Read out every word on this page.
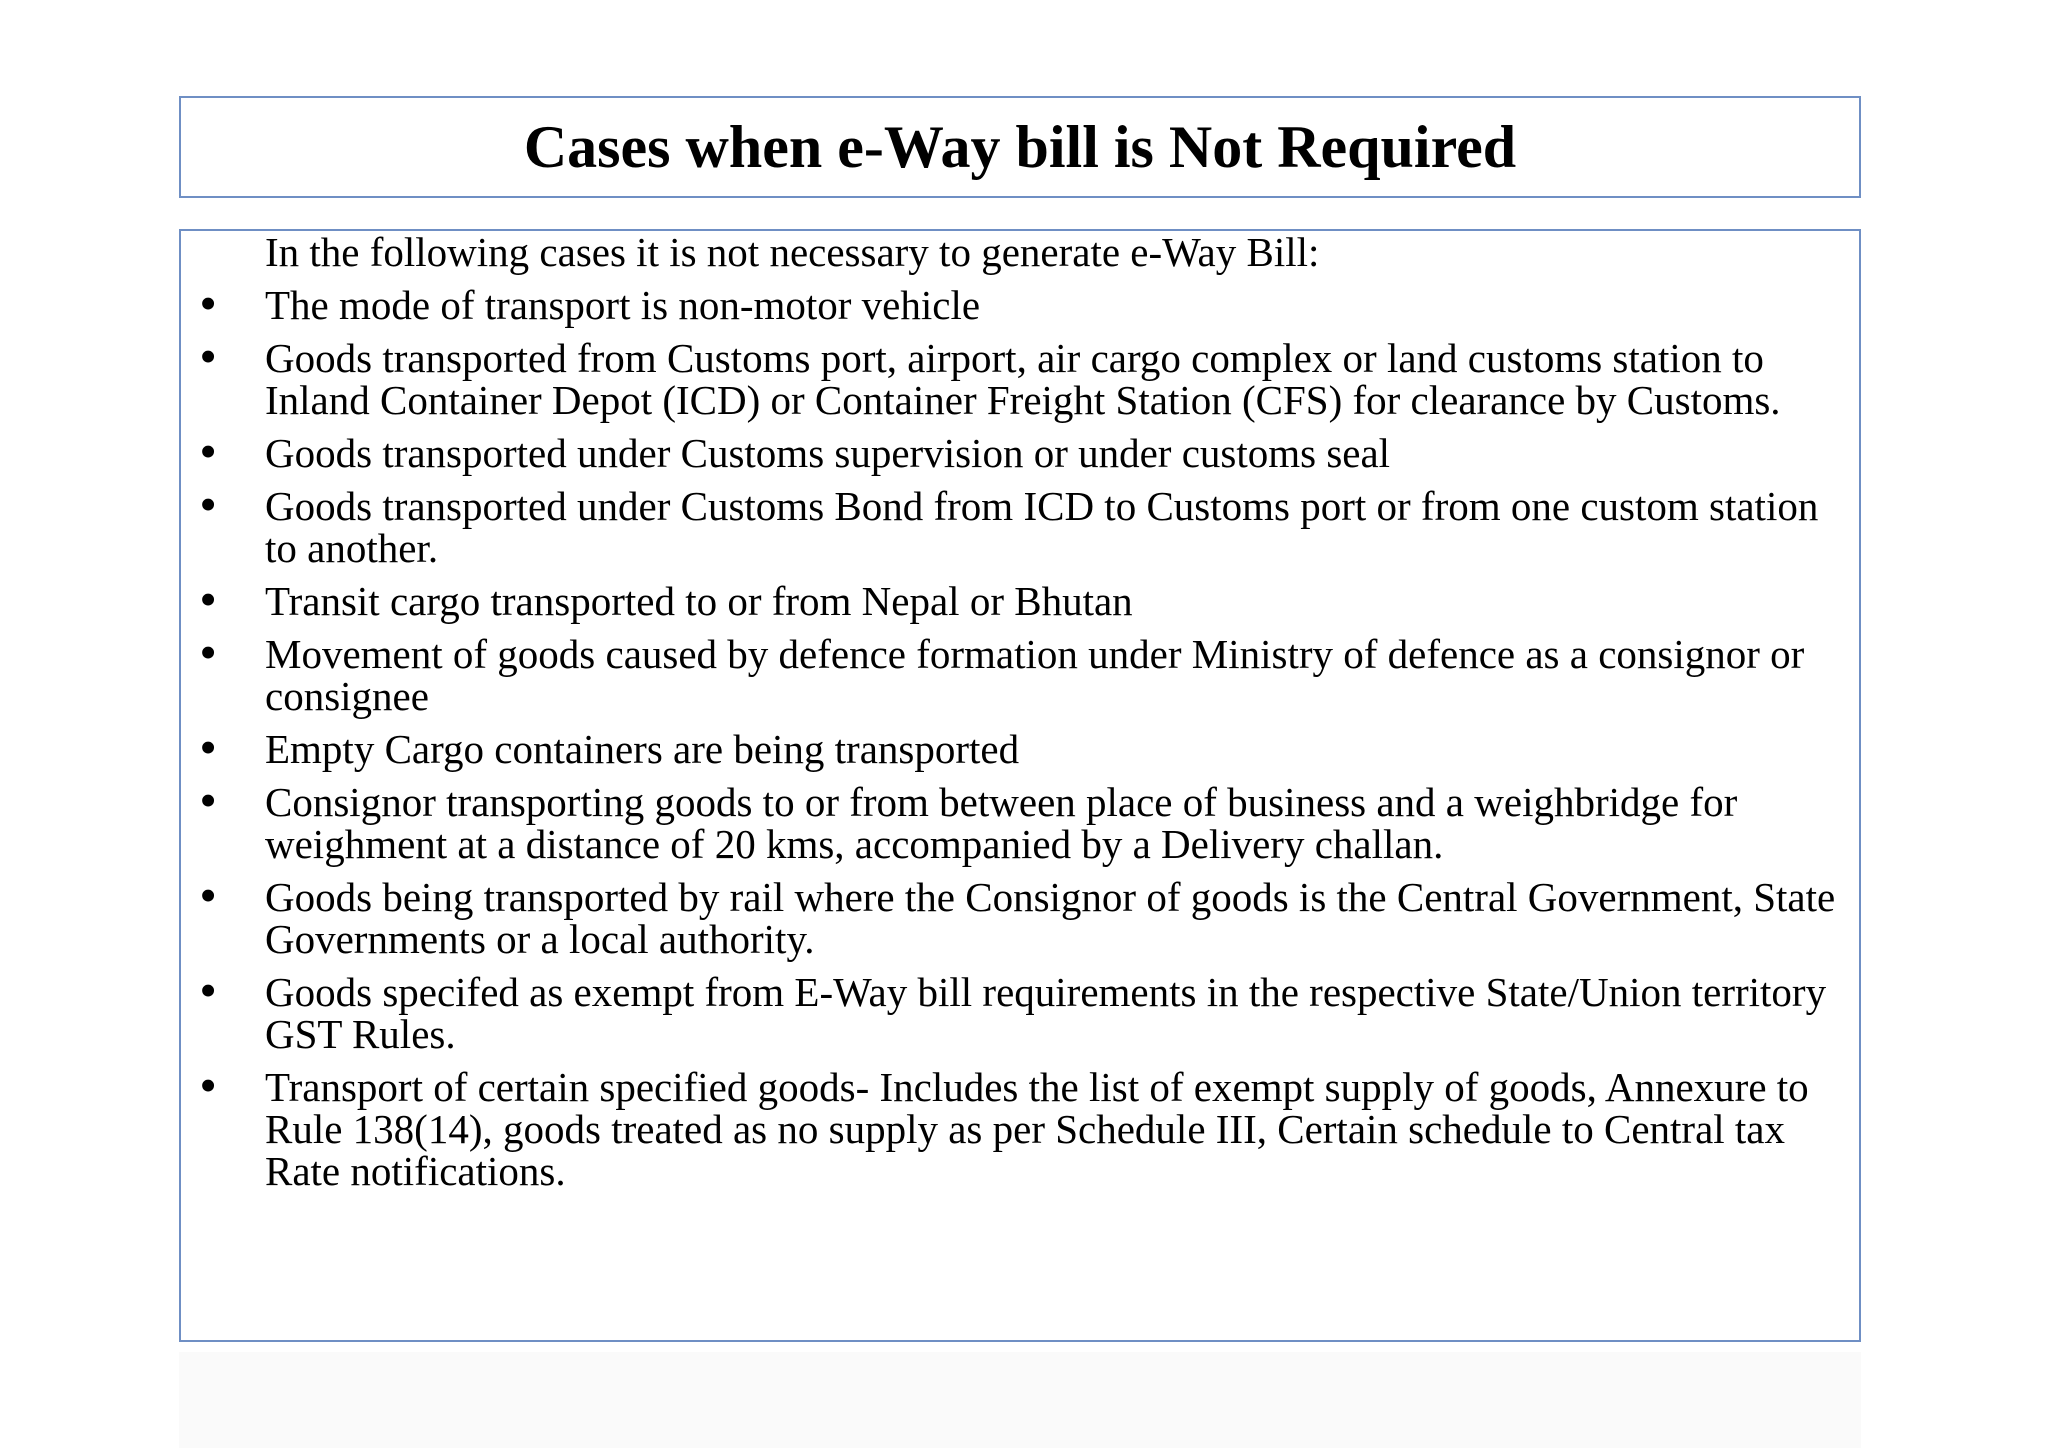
Cases when e-Way bill is Not Required

In the following cases it is not necessary to generate e-Way Bill:

• The mode of transport is non-motor vehicle
• Goods transported from Customs port, airport, air cargo complex or land customs station to Inland Container Depot (ICD) or Container Freight Station (CFS) for clearance by Customs.
• Goods transported under Customs supervision or under customs seal
• Goods transported under Customs Bond from ICD to Customs port or from one custom station to another.
• Transit cargo transported to or from Nepal or Bhutan
• Movement of goods caused by defence formation under Ministry of defence as a consignor or consignee
• Empty Cargo containers are being transported
• Consignor transporting goods to or from between place of business and a weighbridge for weighment at a distance of 20 kms, accompanied by a Delivery challan.
• Goods being transported by rail where the Consignor of goods is the Central Government, State Governments or a local authority.
• Goods specifed as exempt from E-Way bill requirements in the respective State/Union territory GST Rules.
• Transport of certain specified goods- Includes the list of exempt supply of goods, Annexure to Rule 138(14), goods treated as no supply as per Schedule III, Certain schedule to Central tax Rate notifications.
